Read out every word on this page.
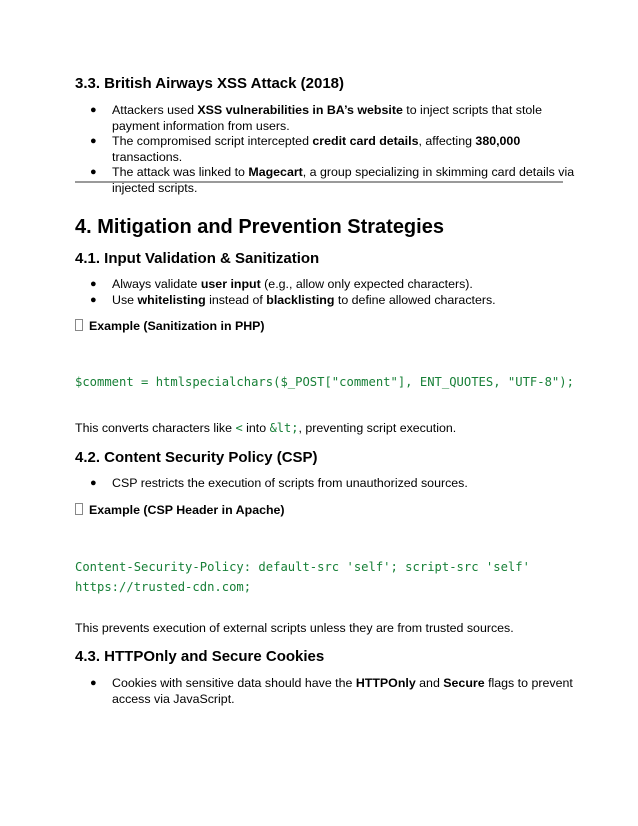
3.3. British Airways XSS Attack (2018)
● Attackers used XSS vulnerabilities in BA’s website to inject scripts that stole payment information from users.
● The compromised script intercepted credit card details, affecting 380,000 transactions.
● The attack was linked to Magecart, a group specializing in skimming card details via injected scripts.
4. Mitigation and Prevention Strategies
4.1. Input Validation & Sanitization
● Always validate user input (e.g., allow only expected characters).
● Use whitelisting instead of blacklisting to define allowed characters.

Example (Sanitization in PHP)

$comment = htmlspecialchars($_POST["comment"], ENT_QUOTES, "UTF-8");

This converts characters like < into &lt;, preventing script execution.

4.2. Content Security Policy (CSP)
● CSP restricts the execution of scripts from unauthorized sources.

Example (CSP Header in Apache)

Content-Security-Policy: default-src 'self'; script-src 'self'
https://trusted-cdn.com;

This prevents execution of external scripts unless they are from trusted sources.

4.3. HTTPOnly and Secure Cookies
● Cookies with sensitive data should have the HTTPOnly and Secure flags to prevent access via JavaScript.
